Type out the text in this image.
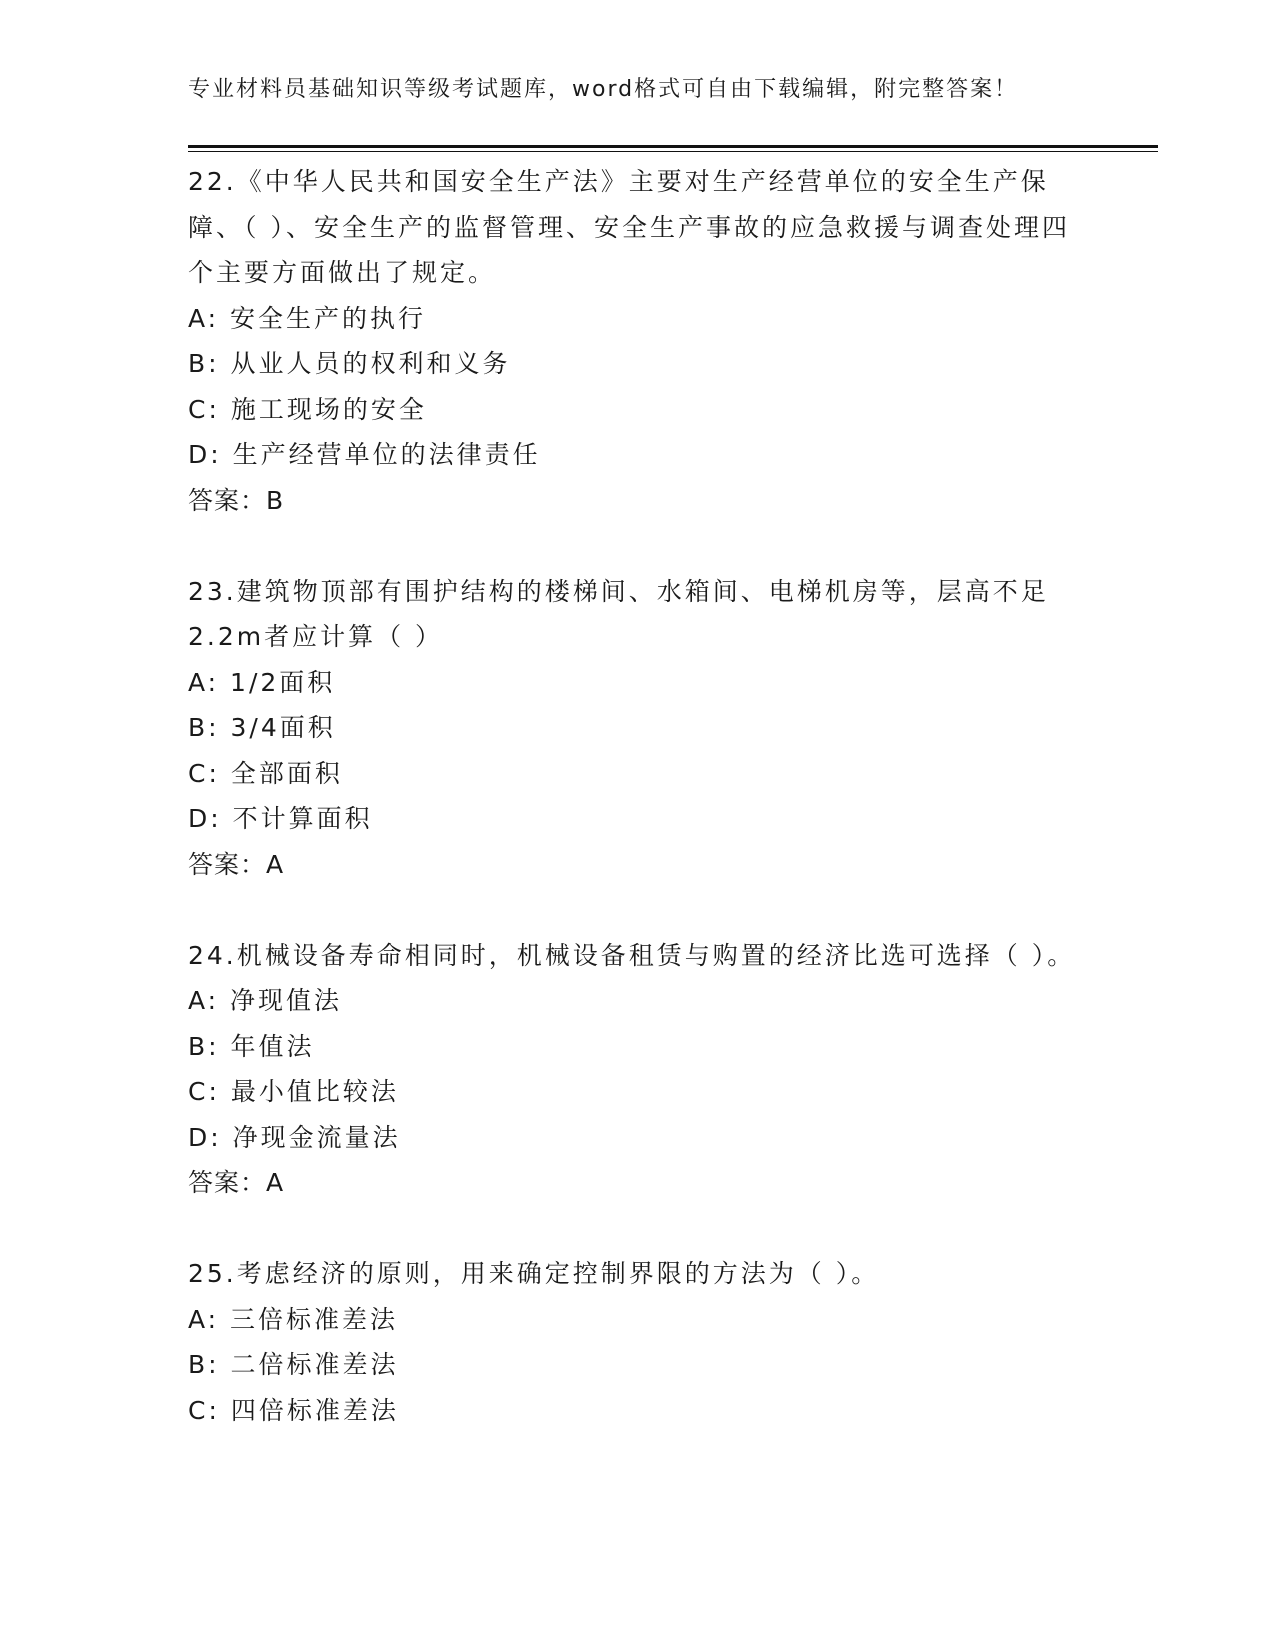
专业材料员基础知识等级考试题库，word格式可自由下载编辑，附完整答案！

22.《中华人民共和国安全生产法》主要对生产经营单位的安全生产保障、（ ）、安全生产的监督管理、安全生产事故的应急救援与调查处理四个主要方面做出了规定。

A: 安全生产的执行

B: 从业人员的权利和义务

C: 施工现场的安全

D: 生产经营单位的法律责任

答案：B

23.建筑物顶部有围护结构的楼梯间、水箱间、电梯机房等，层高不足2.2m者应计算（ ）

A: 1/2面积

B: 3/4面积

C: 全部面积

D: 不计算面积

答案：A

24.机械设备寿命相同时，机械设备租赁与购置的经济比选可选择（ ）。

A: 净现值法

B: 年值法

C: 最小值比较法

D: 净现金流量法

答案：A

25.考虑经济的原则，用来确定控制界限的方法为（ ）。

A: 三倍标准差法

B: 二倍标准差法

C: 四倍标准差法
